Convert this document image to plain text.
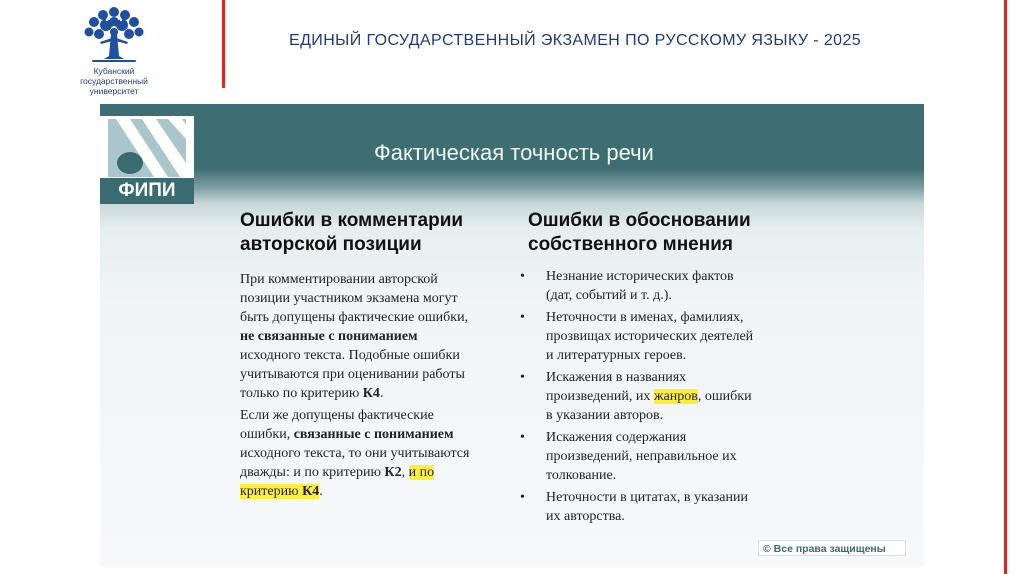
Кубанский
государственный
университет
ЕДИНЫЙ ГОСУДАРСТВЕННЫЙ ЭКЗАМЕН ПО РУССКОМУ ЯЗЫКУ - 2025
ФИПИ
Фактическая точность речи
Ошибки в комментарии
авторской позиции

При комментировании авторской
позиции участником экзамена могут
быть допущены фактические ошибки,
не связанные с пониманием
исходного текста. Подобные ошибки
учитываются при оценивании работы
только по критерию К4.

Если же допущены фактические
ошибки, связанные с пониманием
исходного текста, то они учитываются
дважды: и по критерию К2, и по
критерию К4.

Ошибки в обосновании
собственного мнения
• Незнание исторических фактов
(дат, событий и т. д.).
• Неточности в именах, фамилиях,
прозвищах исторических деятелей
и литературных героев.
• Искажения в названиях
произведений, их жанров, ошибки
в указании авторов.
• Искажения содержания
произведений, неправильное их
толкование.
• Неточности в цитатах, в указании
их авторства.
© Все права защищены
